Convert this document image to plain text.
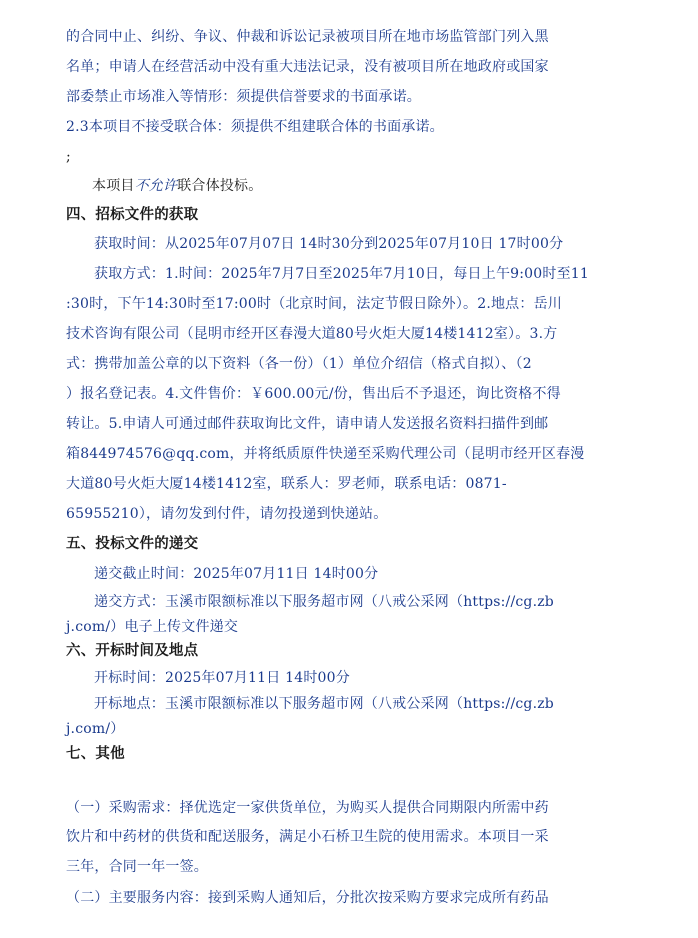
的合同中止、纠纷、争议、仲裁和诉讼记录被项目所在地市场监管部门列入黑
名单；申请人在经营活动中没有重大违法记录，没有被项目所在地政府或国家
部委禁止市场准入等情形：须提供信誉要求的书面承诺。
2.3本项目不接受联合体：须提供不组建联合体的书面承诺。
;
本项目不允许联合体投标。
四、招标文件的获取
获取时间：从2025年07月07日 14时30分到2025年07月10日 17时00分
获取方式：1.时间：2025年7月7日至2025年7月10日，每日上午9:00时至11
:30时，下午14:30时至17:00时（北京时间，法定节假日除外）。2.地点：岳川
技术咨询有限公司（昆明市经开区春漫大道80号火炬大厦14楼1412室）。3.方
式：携带加盖公章的以下资料（各一份）（1）单位介绍信（格式自拟）、（2
）报名登记表。4.文件售价：￥600.00元/份，售出后不予退还，询比资格不得
转让。5.申请人可通过邮件获取询比文件，请申请人发送报名资料扫描件到邮
箱844974576@qq.com，并将纸质原件快递至采购代理公司（昆明市经开区春漫
大道80号火炬大厦14楼1412室，联系人：罗老师，联系电话：0871-
65955210），请勿发到付件，请勿投递到快递站。
五、投标文件的递交
递交截止时间：2025年07月11日 14时00分
递交方式：玉溪市限额标准以下服务超市网（八戒公采网（https://cg.zb
j.com/）电子上传文件递交
六、开标时间及地点
开标时间：2025年07月11日 14时00分
开标地点：玉溪市限额标准以下服务超市网（八戒公采网（https://cg.zb
j.com/）
七、其他
（一）采购需求：择优选定一家供货单位，为购买人提供合同期限内所需中药
饮片和中药材的供货和配送服务，满足小石桥卫生院的使用需求。本项目一采
三年，合同一年一签。
（二）主要服务内容：接到采购人通知后，分批次按采购方要求完成所有药品
